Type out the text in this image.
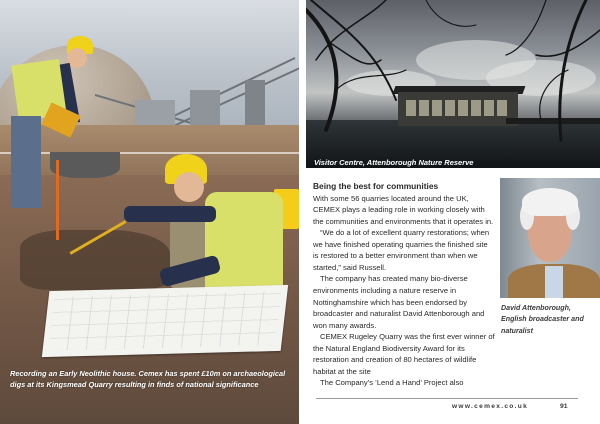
Recording an Early Neolithic house. Cemex has spent £10m on archaeological digs at its Kingsmead Quarry resulting in finds of national significance
Visitor Centre, Attenborough Nature Reserve
Being the best for communities

With some 56 quarries located around the UK, CEMEX plays a leading role in working closely with the communities and environments that it operates in.

“We do a lot of excellent quarry restorations; when we have finished operating quarries the finished site is restored to a better environment than when we started,” said Russell.

The company has created many bio-diverse environments including a nature reserve in Nottinghamshire which has been endorsed by broadcaster and naturalist David Attenborough and won many awards.

CEMEX Rugeley Quarry was the first ever winner of the Natural England Biodiversity Award for its restoration and creation of 80 hectares of wildlife habitat at the site

The Company’s ‘Lend a Hand’ Project also

David Attenborough, English broadcaster and naturalist
www.cemex.co.uk	91
